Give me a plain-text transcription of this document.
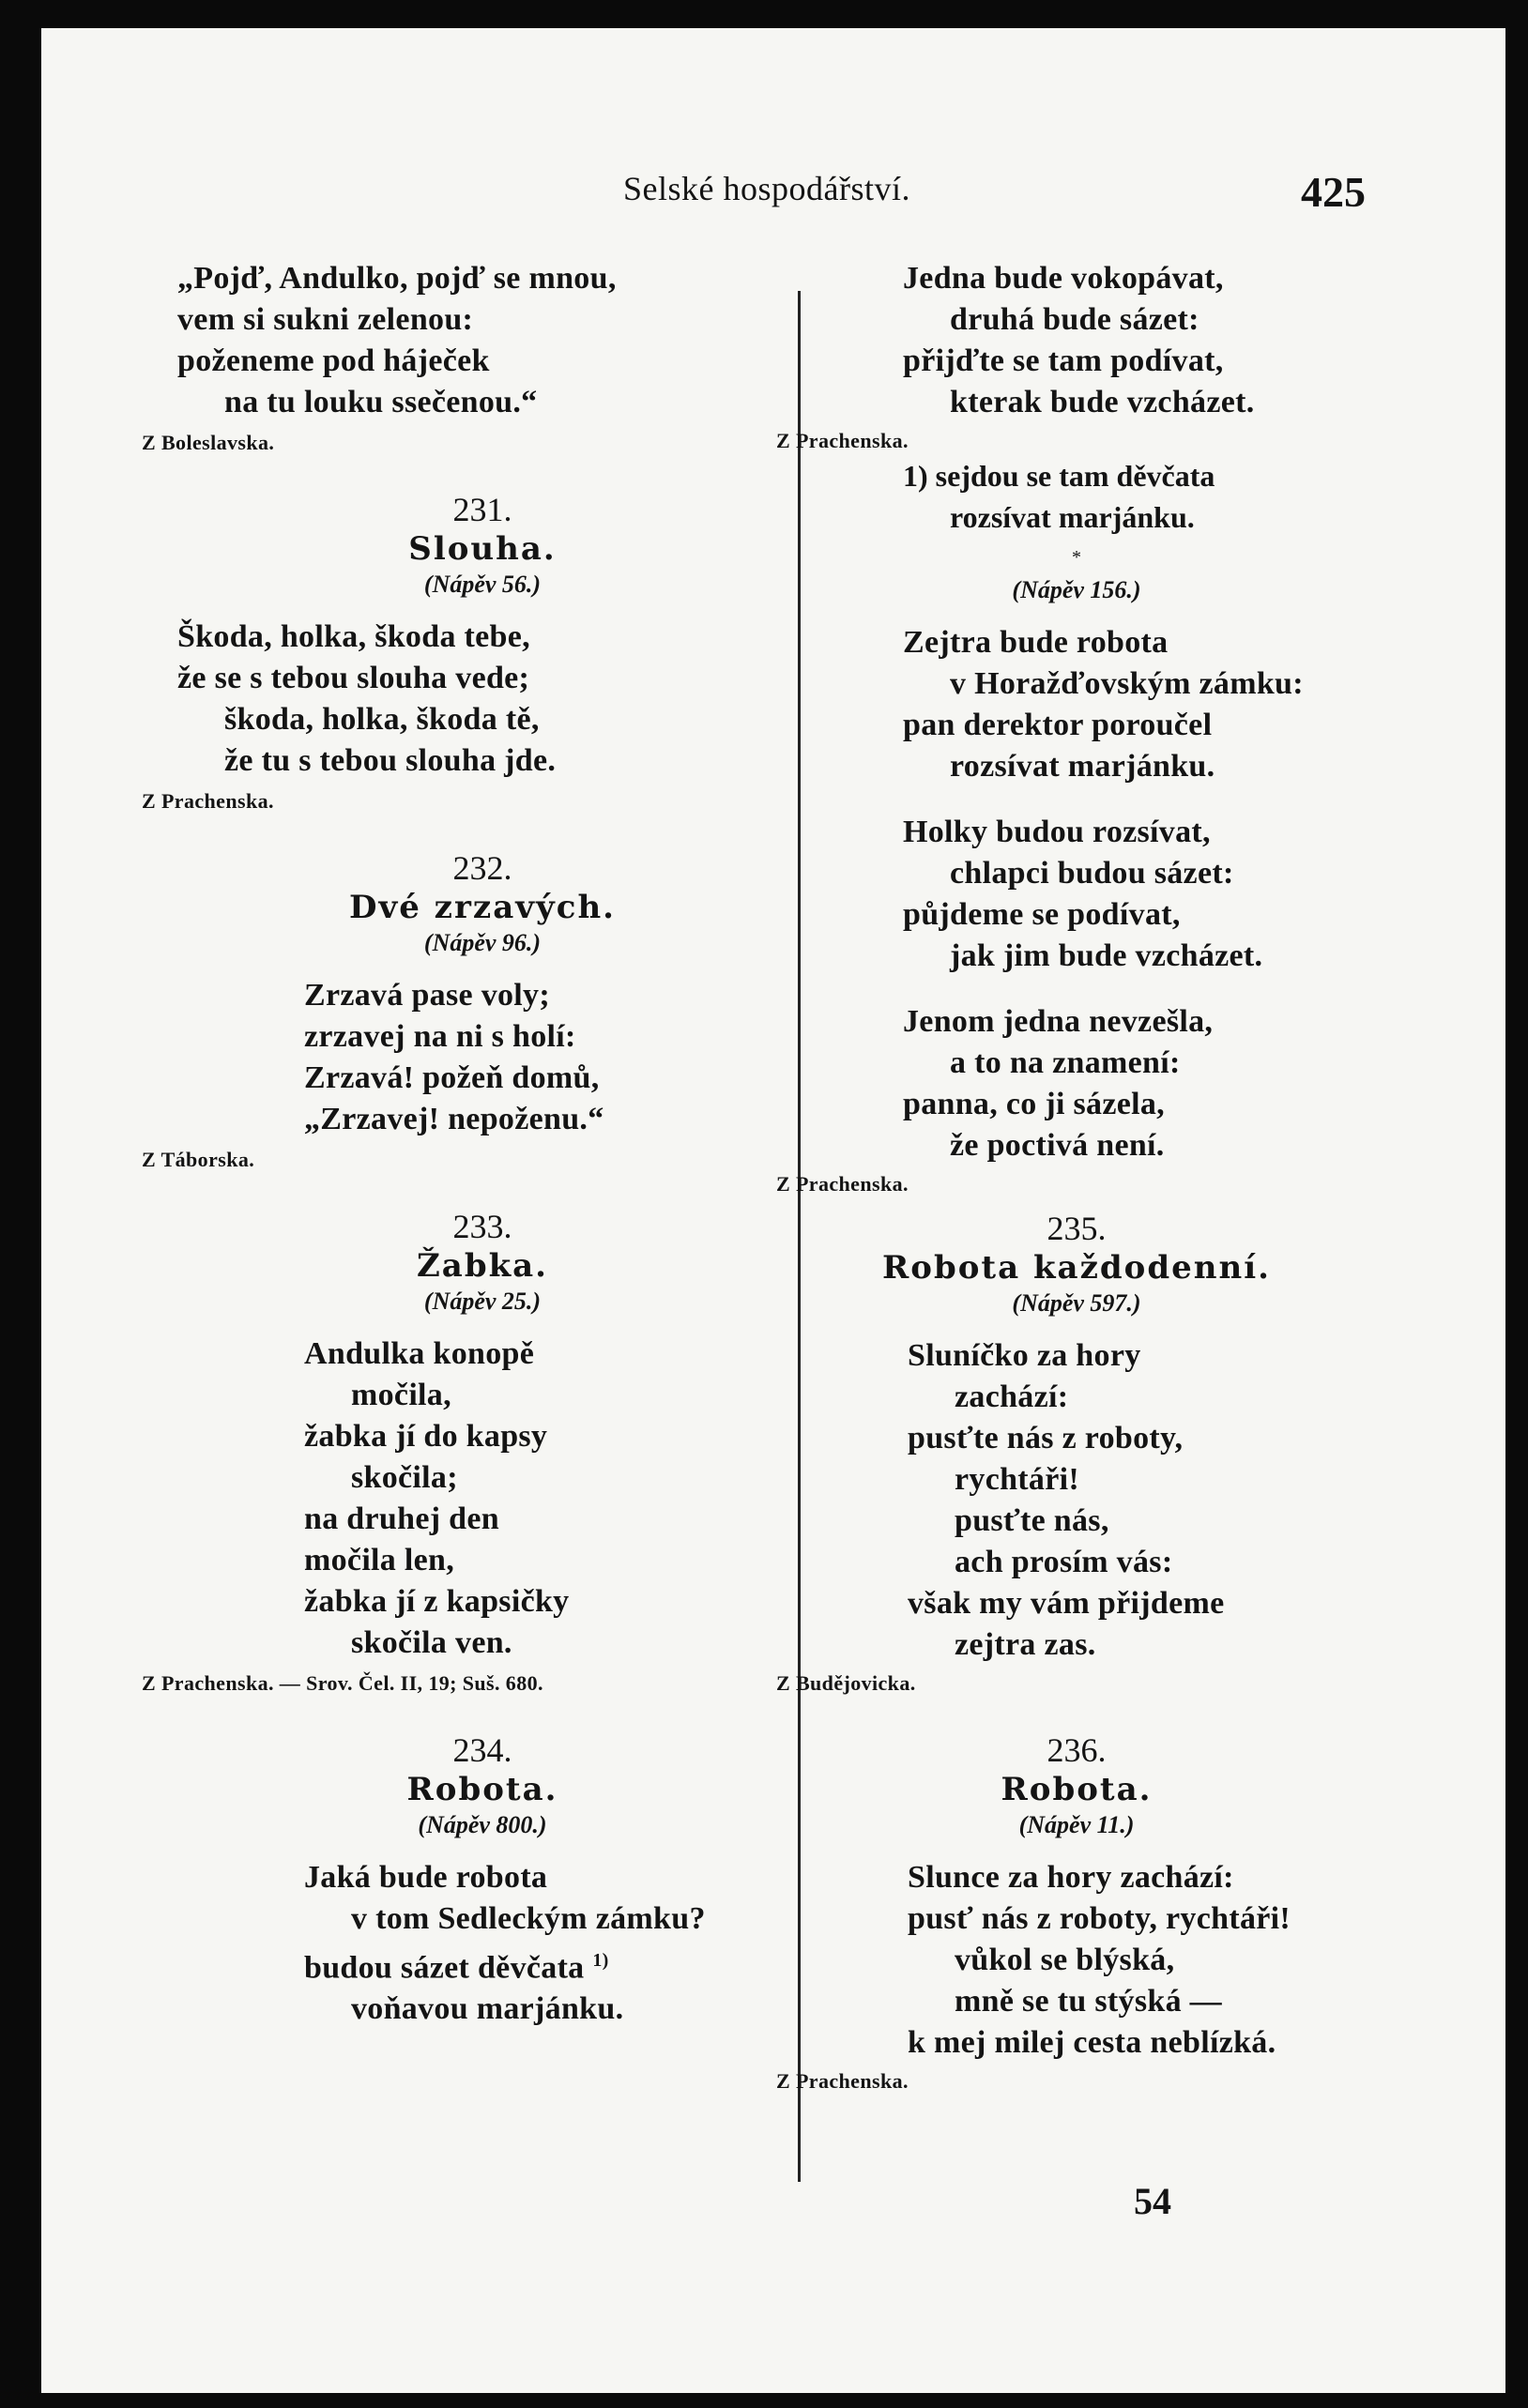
Selské hospodářství.	425
„Pojď, Andulko, pojď se mnou,
vem si sukni zelenou:
poženeme pod háječek
na tu louku ssečenou.“
Z Boleslavska.
231.
Slouha.
(Nápěv 56.)
Škoda, holka, škoda tebe,
že se s tebou slouha vede;
škoda, holka, škoda tě,
že tu s tebou slouha jde.
Z Prachenska.
232.
Dvé zrzavých.
(Nápěv 96.)
Zrzavá pase voly;
zrzavej na ni s holí:
Zrzavá! požeň domů,
„Zrzavej! nepoženu.“
Z Táborska.
233.
Žabka.
(Nápěv 25.)
Andulka konopě
močila,
žabka jí do kapsy
skočila;
na druhej den
močila len,
žabka jí z kapsičky
skočila ven.
Z Prachenska. — Srov. Čel. II, 19; Suš. 680.
234.
Robota.
(Nápěv 800.)
Jaká bude robota
v tom Sedleckým zámku?
budou sázet děvčata $^{1)}$
voňavou marjánku.
Jedna bude vokopávat,
druhá bude sázet:
přijďte se tam podívat,
kterak bude vzcházet.
Z Prachenska.
1) sejdou se tam děvčata
rozsívat marjánku.
*
(Nápěv 156.)
Zejtra bude robota
v Horažďovským zámku:
pan derektor poroučel
rozsívat marjánku.
Holky budou rozsívat,
chlapci budou sázet:
půjdeme se podívat,
jak jim bude vzcházet.
Jenom jedna nevzešla,
a to na znamení:
panna, co ji sázela,
že poctivá není.
Z Prachenska.
235.
Robota každodenní.
(Nápěv 597.)
Sluníčko za hory
zachází:
pusťte nás z roboty,
rychtáři!
pusťte nás,
ach prosím vás:
však my vám přijdeme
zejtra zas.
Z Budějovicka.
236.
Robota.
(Nápěv 11.)
Slunce za hory zachází:
pusť nás z roboty, rychtáři!
vůkol se blýská,
mně se tu stýská —
k mej milej cesta neblízká.
Z Prachenska.
54
